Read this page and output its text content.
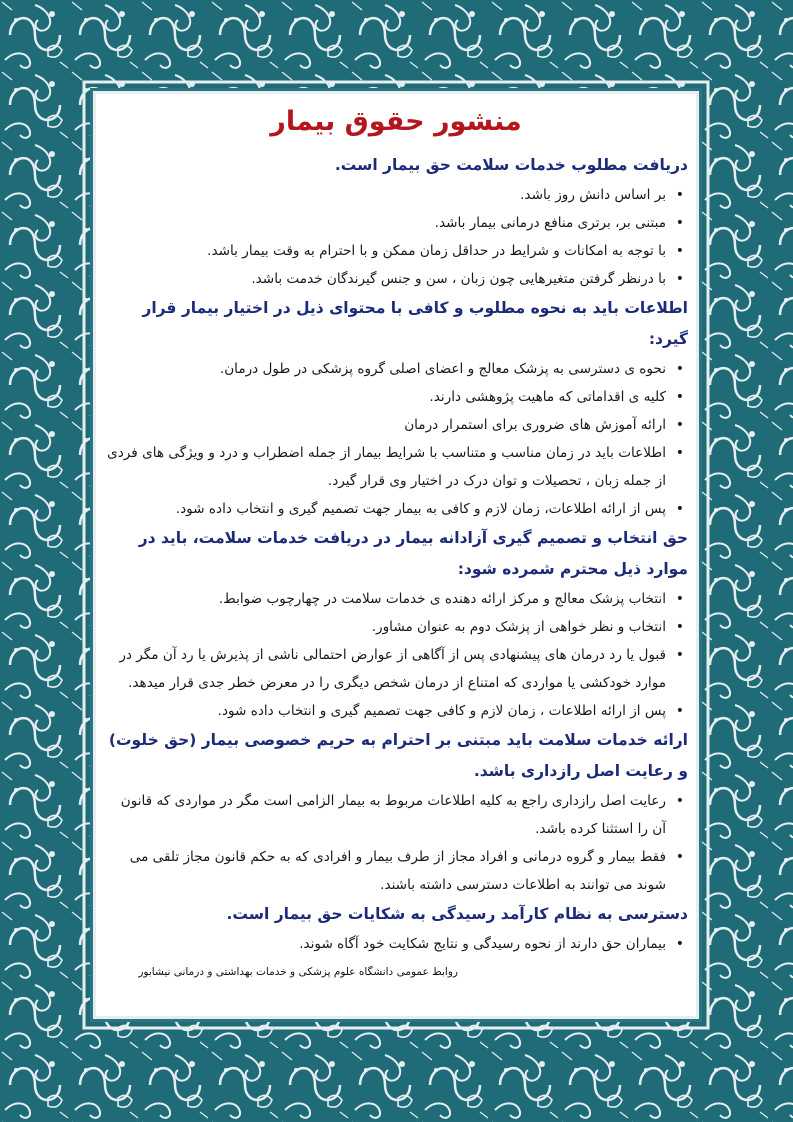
منشور حقوق بیمار

دریافت مطلوب خدمات سلامت حق بیمار است.

• بر اساس دانش روز باشد.
• مبتنی بر، برتری منافع درمانی بیمار باشد.
• با توجه به امکانات و شرایط در حداقل زمان ممکن و با احترام به وقت بیمار باشد.
• با درنظر گرفتن متغیرهایی چون زبان ، سن و جنس گیرندگان خدمت باشد.

اطلاعات باید به نحوه مطلوب و کافی با محتوای ذیل در اختیار بیمار قرار گیرد:

• نحوه ی دسترسی به پزشک معالج و اعضای اصلی گروه پزشکی در طول درمان.
• کلیه ی اقداماتی که ماهیت پژوهشی دارند.
• ارائه آموزش های ضروری برای استمرار درمان
• اطلاعات باید در زمان مناسب و متناسب با شرایط بیمار از جمله اضطراب و درد و ویژگی های فردی از جمله زبان ، تحصیلات و توان درک در اختیار وی قرار گیرد.
• پس از ارائه اطلاعات، زمان لازم و کافی به بیمار جهت تصمیم گیری و انتخاب داده شود.

حق انتخاب و تصمیم گیری آزادانه بیمار در دریافت خدمات سلامت، باید در موارد ذیل محترم شمرده شود:

• انتخاب پزشک معالج و مرکز ارائه دهنده ی خدمات سلامت در چهارچوب ضوابط.
• انتخاب و نظر خواهی از پزشک دوم به عنوان مشاور.
• قبول یا رد درمان های پیشنهادی پس از آگاهی از عوارض احتمالی ناشی از پذیرش یا رد آن مگر در موارد خودکشی یا مواردی که امتناع از درمان شخص دیگری را در معرض خطر جدی قرار میدهد.
• پس از ارائه اطلاعات ، زمان لازم و کافی جهت تصمیم گیری و انتخاب داده شود.

ارائه خدمات سلامت باید مبتنی بر احترام به حریم خصوصی بیمار (حق خلوت) و رعایت اصل رازداری باشد.

• رعایت اصل رازداری راجع به کلیه اطلاعات مربوط به بیمار الزامی است مگر در مواردی که قانون آن را استثنا کرده باشد.
• فقط بیمار و گروه درمانی و افراد مجاز از طرف بیمار و افرادی که به حکم قانون مجاز تلقی می شوند می توانند به اطلاعات دسترسی داشته باشند.

دسترسی به نظام کارآمد رسیدگی به شکایات حق بیمار است.

• بیماران حق دارند از نحوه رسیدگی و نتایج شکایت خود آگاه شوند.
روابط عمومی دانشگاه علوم پزشکی و خدمات بهداشتی و درمانی نیشابور
